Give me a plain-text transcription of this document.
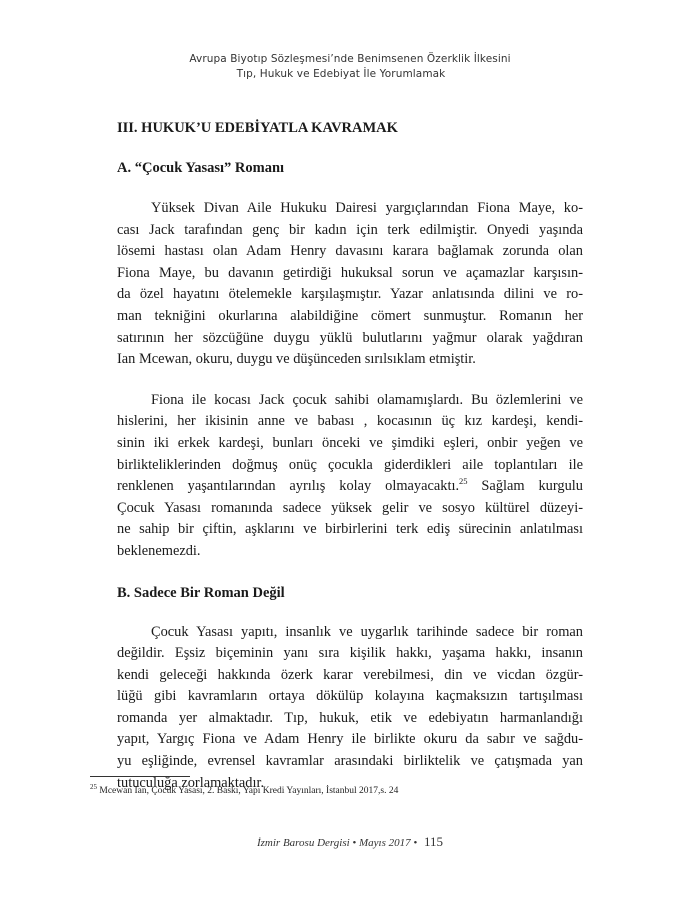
Avrupa Biyotıp Sözleşmesi’nde Benimsenen Özerklik İlkesini
Tıp, Hukuk ve Edebiyat İle Yorumlamak
III. HUKUK’U EDEBİYATLA KAVRAMAK
A. “Çocuk Yasası” Romanı

Yüksek Divan Aile Hukuku Dairesi yargıçlarından Fiona Maye, ko-
cası Jack tarafından genç bir kadın için terk edilmiştir. Onyedi yaşında
lösemi hastası olan Adam Henry davasını karara bağlamak zorunda olan
Fiona Maye, bu davanın getirdiği hukuksal sorun ve açamazlar karşısın-
da özel hayatını ötelemekle karşılaşmıştır. Yazar anlatısında dilini ve ro-
man tekniğini okurlarına alabildiğine cömert sunmuştur. Romanın her
satırının her sözcüğüne duygu yüklü bulutlarını yağmur olarak yağdıran
Ian Mcewan, okuru, duygu ve düşünceden sırılsıklam etmiştir.

Fiona ile kocası Jack çocuk sahibi olamamışlardı. Bu özlemlerini ve
hislerini, her ikisinin anne ve babası , kocasının üç kız kardeşi, kendi-
sinin iki erkek kardeşi, bunları önceki ve şimdiki eşleri, onbir yeğen ve
birlikteliklerinden doğmuş onüç çocukla giderdikleri aile toplantıları ile
renklenen yaşantılarından ayrılış kolay olmayacaktı.$^{25}$ Sağlam kurgulu
Çocuk Yasası romanında sadece yüksek gelir ve sosyo kültürel düzeyi-
ne sahip bir çiftin, aşklarını ve birbirlerini terk ediş sürecinin anlatılması
beklenemezdi.

B. Sadece Bir Roman Değil

Çocuk Yasası yapıtı, insanlık ve uygarlık tarihinde sadece bir roman
değildir. Eşsiz biçeminin yanı sıra kişilik hakkı, yaşama hakkı, insanın
kendi geleceği hakkında özerk karar verebilmesi, din ve vicdan özgür-
lüğü gibi kavramların ortaya dökülüp kolayına kaçmaksızın tartışılması
romanda yer almaktadır. Tıp, hukuk, etik ve edebiyatın harmanlandığı
yapıt, Yargıç Fiona ve Adam Henry ile birlikte okuru da sabır ve sağdu-
yu eşliğinde, evrensel kavramlar arasındaki birliktelik ve çatışmada yan
tutuculuğa zorlamaktadır.

$^{25}$ Mcewan Ian, Çocuk Yasası, 2. Baskı, Yapı Kredi Yayınları, İstanbul 2017,s. 24
İzmir Barosu Dergisi • Mayıs 2017 • 115
